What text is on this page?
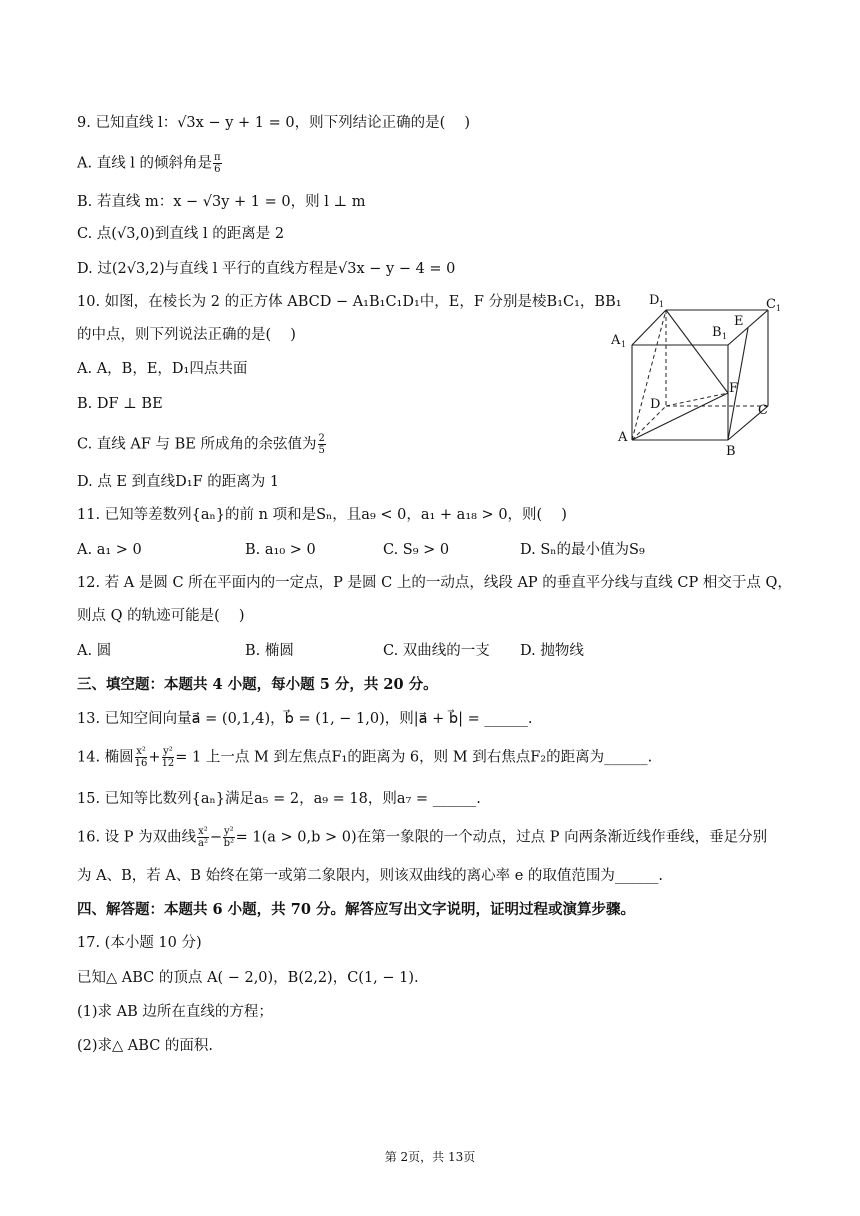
9. 已知直线 l：√3x − y + 1 = 0，则下列结论正确的是(　 )
A. 直线 l 的倾斜角是 $\frac{\pi}{6}$
B. 若直线 m：x − √3y + 1 = 0，则 l ⊥ m
C. 点(√3,0)到直线 l 的距离是 2
D. 过(2√3,2)与直线 l 平行的直线方程是√3x − y − 4 = 0
10. 如图，在棱长为 2 的正方体 ABCD − A₁B₁C₁D₁中，E，F 分别是棱B₁C₁，BB₁
的中点，则下列说法正确的是(　 )
A. A，B，E，D₁四点共面
B. DF ⊥ BE
C. 直线 AF 与 BE 所成角的余弦值为 $\frac{2}{5}$
D. 点 E 到直线D₁F 的距离为 1
D 1	C 1
A 1
B 1
E
F
D	C
A
B
11. 已知等差数列{aₙ}的前 n 项和是Sₙ，且a₉ < 0，a₁ + a₁₈ > 0，则(　 )
A. a₁ > 0	B. a₁₀ > 0	C. S₉ > 0	D. Sₙ的最小值为S₉
12. 若 A 是圆 C 所在平面内的一定点，P 是圆 C 上的一动点，线段 AP 的垂直平分线与直线 CP 相交于点 Q，
则点 Q 的轨迹可能是(　 )
A. 圆	B. 椭圆	C. 双曲线的一支 D. 抛物线
三、填空题：本题共 4 小题，每小题 5 分，共 20 分。
13. 已知空间向量a⃗ = (0,1,4)，b⃗ = (1, − 1,0)，则|a⃗ + b⃗| = ______.
14. 椭圆 $\frac{\text{x²}}{16} + \frac{\text{y²}}{12} = 1$ 上一点 M 到左焦点F₁的距离为 6，则 M 到右焦点F₂的距离为______.
15. 已知等比数列{aₙ}满足a₅ = 2，a₉ = 18，则a₇ = ______.
16. 设 P 为双曲线 $\frac{\text{x²}}{\text{a²}} - \frac{\text{y²}}{\text{b²}} = 1(a > 0,b > 0)$在第一象限的一个动点，过点 P 向两条渐近线作垂线，垂足分别
为 A、B，若 A、B 始终在第一或第二象限内，则该双曲线的离心率 e 的取值范围为______.
四、解答题：本题共 6 小题，共 70 分。解答应写出文字说明，证明过程或演算步骤。
17. (本小题 10 分)
已知△ ABC 的顶点 A( − 2,0)，B(2,2)，C(1, − 1).
(1)求 AB 边所在直线的方程；
(2)求△ ABC 的面积.
第 2页，共 13页
